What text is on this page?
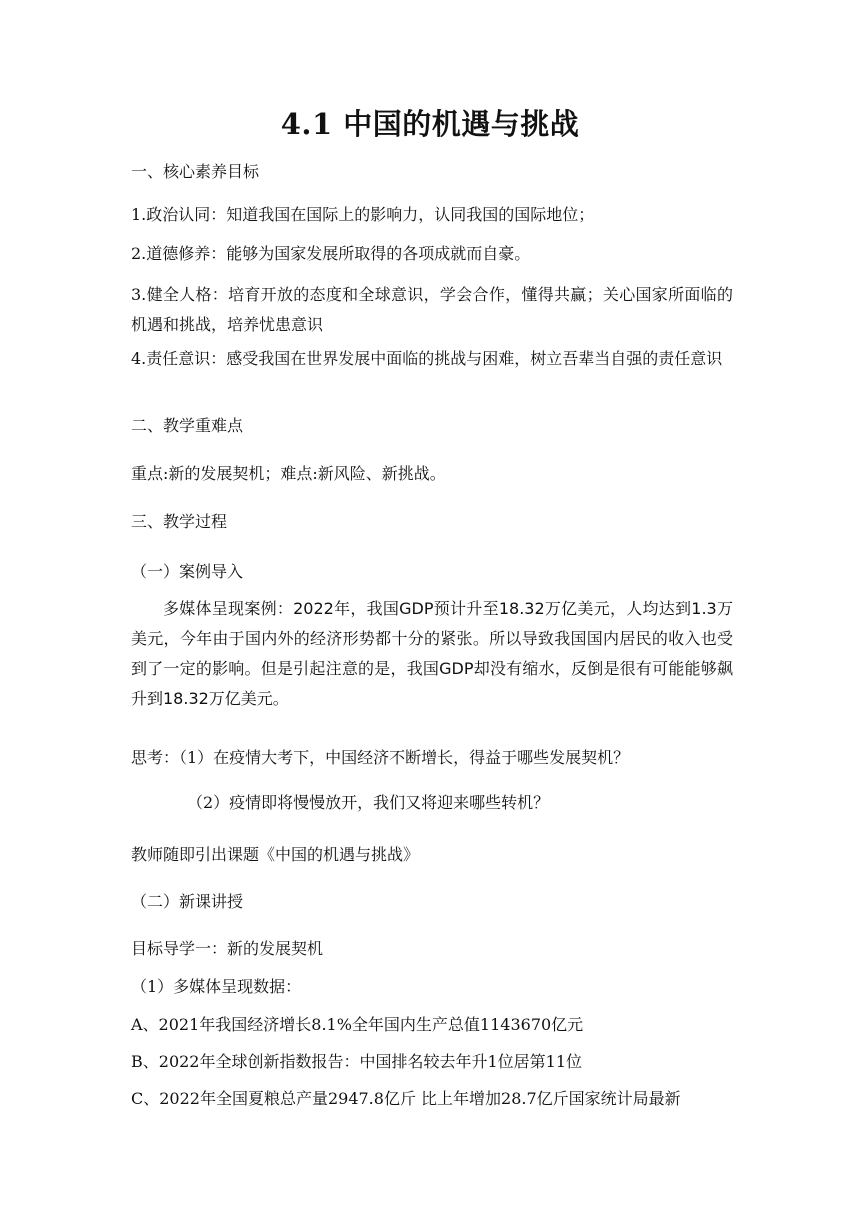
4.1 中国的机遇与挑战
一、核心素养目标
1.政治认同：知道我国在国际上的影响力，认同我国的国际地位；
2.道德修养：能够为国家发展所取得的各项成就而自豪。
3.健全人格：培育开放的态度和全球意识，学会合作，懂得共赢；关心国家所面临的机遇和挑战，培养忧患意识
4.责任意识：感受我国在世界发展中面临的挑战与困难，树立吾辈当自强的责任意识
二、教学重难点
重点:新的发展契机；难点:新风险、新挑战。
三、教学过程
（一）案例导入
多媒体呈现案例：2022年，我国GDP预计升至18.32万亿美元，人均达到1.3万美元，今年由于国内外的经济形势都十分的紧张。所以导致我国国内居民的收入也受到了一定的影响。但是引起注意的是，我国GDP却没有缩水，反倒是很有可能能够飙升到18.32万亿美元。
思考：（1）在疫情大考下，中国经济不断增长，得益于哪些发展契机？
（2）疫情即将慢慢放开，我们又将迎来哪些转机？
教师随即引出课题《中国的机遇与挑战》
（二）新课讲授
目标导学一：新的发展契机
（1）多媒体呈现数据：
A、2021年我国经济增长8.1%全年国内生产总值1143670亿元
B、2022年全球创新指数报告：中国排名较去年升1位居第11位
C、2022年全国夏粮总产量2947.8亿斤 比上年增加28.7亿斤国家统计局最新
